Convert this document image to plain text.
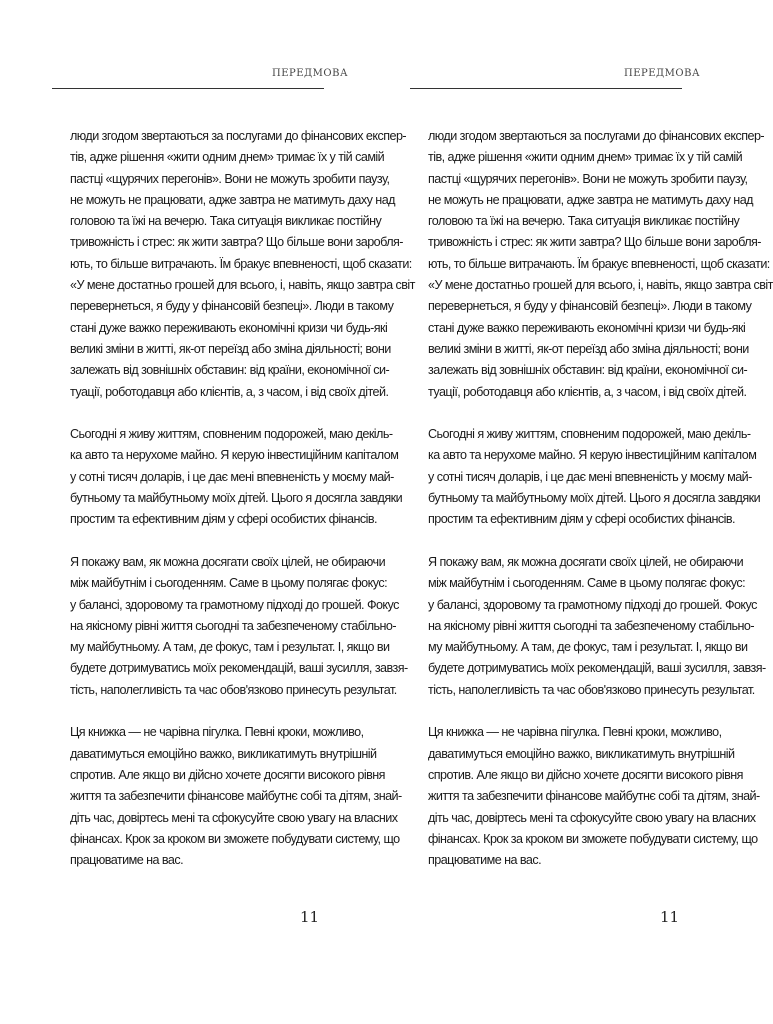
ПЕРЕДМОВА
люди згодом звертаються за послугами до фінансових експер-
тів, адже рішення «жити одним днем» тримає їх у тій самій
пастці «щурячих перегонів». Вони не можуть зробити паузу,
не можуть не працювати, адже завтра не матимуть даху над
головою та їжі на вечерю. Така ситуація викликає постійну
тривожність і стрес: як жити завтра? Що більше вони заробля-
ють, то більше витрачають. Їм бракує впевненості, щоб сказати:
«У мене достатньо грошей для всього, і, навіть, якщо завтра світ
перевернеться, я буду у фінансовій безпеці». Люди в такому
стані дуже важко переживають економічні кризи чи будь-які
великі зміни в житті, як-от переїзд або зміна діяльності; вони
залежать від зовнішніх обставин: від країни, економічної си-
туації, роботодавця або клієнтів, а, з часом, і від своїх дітей.
Сьогодні я живу життям, сповненим подорожей, маю декіль-
ка авто та нерухоме майно. Я керую інвестиційним капіталом
у сотні тисяч доларів, і це дає мені впевненість у моєму май-
бутньому та майбутньому моїх дітей. Цього я досягла завдяки
простим та ефективним діям у сфері особистих фінансів.
Я покажу вам, як можна досягати своїх цілей, не обираючи
між майбутнім і сьогоденням. Саме в цьому полягає фокус:
у балансі, здоровому та грамотному підході до грошей. Фокус
на якісному рівні життя сьогодні та забезпеченому стабільно-
му майбутньому. А там, де фокус, там і результат. І, якщо ви
будете дотримуватись моїх рекомендацій, ваші зусилля, завзя-
тість, наполегливість та час обов'язково принесуть результат.
Ця книжка — не чарівна пігулка. Певні кроки, можливо,
даватимуться емоційно важко, викликатимуть внутрішній
спротив. Але якщо ви дійсно хочете досягти високого рівня
життя та забезпечити фінансове майбутнє собі та дітям, знай-
діть час, довіртесь мені та сфокусуйте свою увагу на власних
фінансах. Крок за кроком ви зможете побудувати систему, що
працюватиме на вас.
11
ПЕРЕДМОВА
люди згодом звертаються за послугами до фінансових експер-
тів, адже рішення «жити одним днем» тримає їх у тій самій
пастці «щурячих перегонів». Вони не можуть зробити паузу,
не можуть не працювати, адже завтра не матимуть даху над
головою та їжі на вечерю. Така ситуація викликає постійну
тривожність і стрес: як жити завтра? Що більше вони заробля-
ють, то більше витрачають. Їм бракує впевненості, щоб сказати:
«У мене достатньо грошей для всього, і, навіть, якщо завтра світ
перевернеться, я буду у фінансовій безпеці». Люди в такому
стані дуже важко переживають економічні кризи чи будь-які
великі зміни в житті, як-от переїзд або зміна діяльності; вони
залежать від зовнішніх обставин: від країни, економічної си-
туації, роботодавця або клієнтів, а, з часом, і від своїх дітей.
Сьогодні я живу життям, сповненим подорожей, маю декіль-
ка авто та нерухоме майно. Я керую інвестиційним капіталом
у сотні тисяч доларів, і це дає мені впевненість у моєму май-
бутньому та майбутньому моїх дітей. Цього я досягла завдяки
простим та ефективним діям у сфері особистих фінансів.
Я покажу вам, як можна досягати своїх цілей, не обираючи
між майбутнім і сьогоденням. Саме в цьому полягає фокус:
у балансі, здоровому та грамотному підході до грошей. Фокус
на якісному рівні життя сьогодні та забезпеченому стабільно-
му майбутньому. А там, де фокус, там і результат. І, якщо ви
будете дотримуватись моїх рекомендацій, ваші зусилля, завзя-
тість, наполегливість та час обов'язково принесуть результат.
Ця книжка — не чарівна пігулка. Певні кроки, можливо,
даватимуться емоційно важко, викликатимуть внутрішній
спротив. Але якщо ви дійсно хочете досягти високого рівня
життя та забезпечити фінансове майбутнє собі та дітям, знай-
діть час, довіртесь мені та сфокусуйте свою увагу на власних
фінансах. Крок за кроком ви зможете побудувати систему, що
працюватиме на вас.
11
